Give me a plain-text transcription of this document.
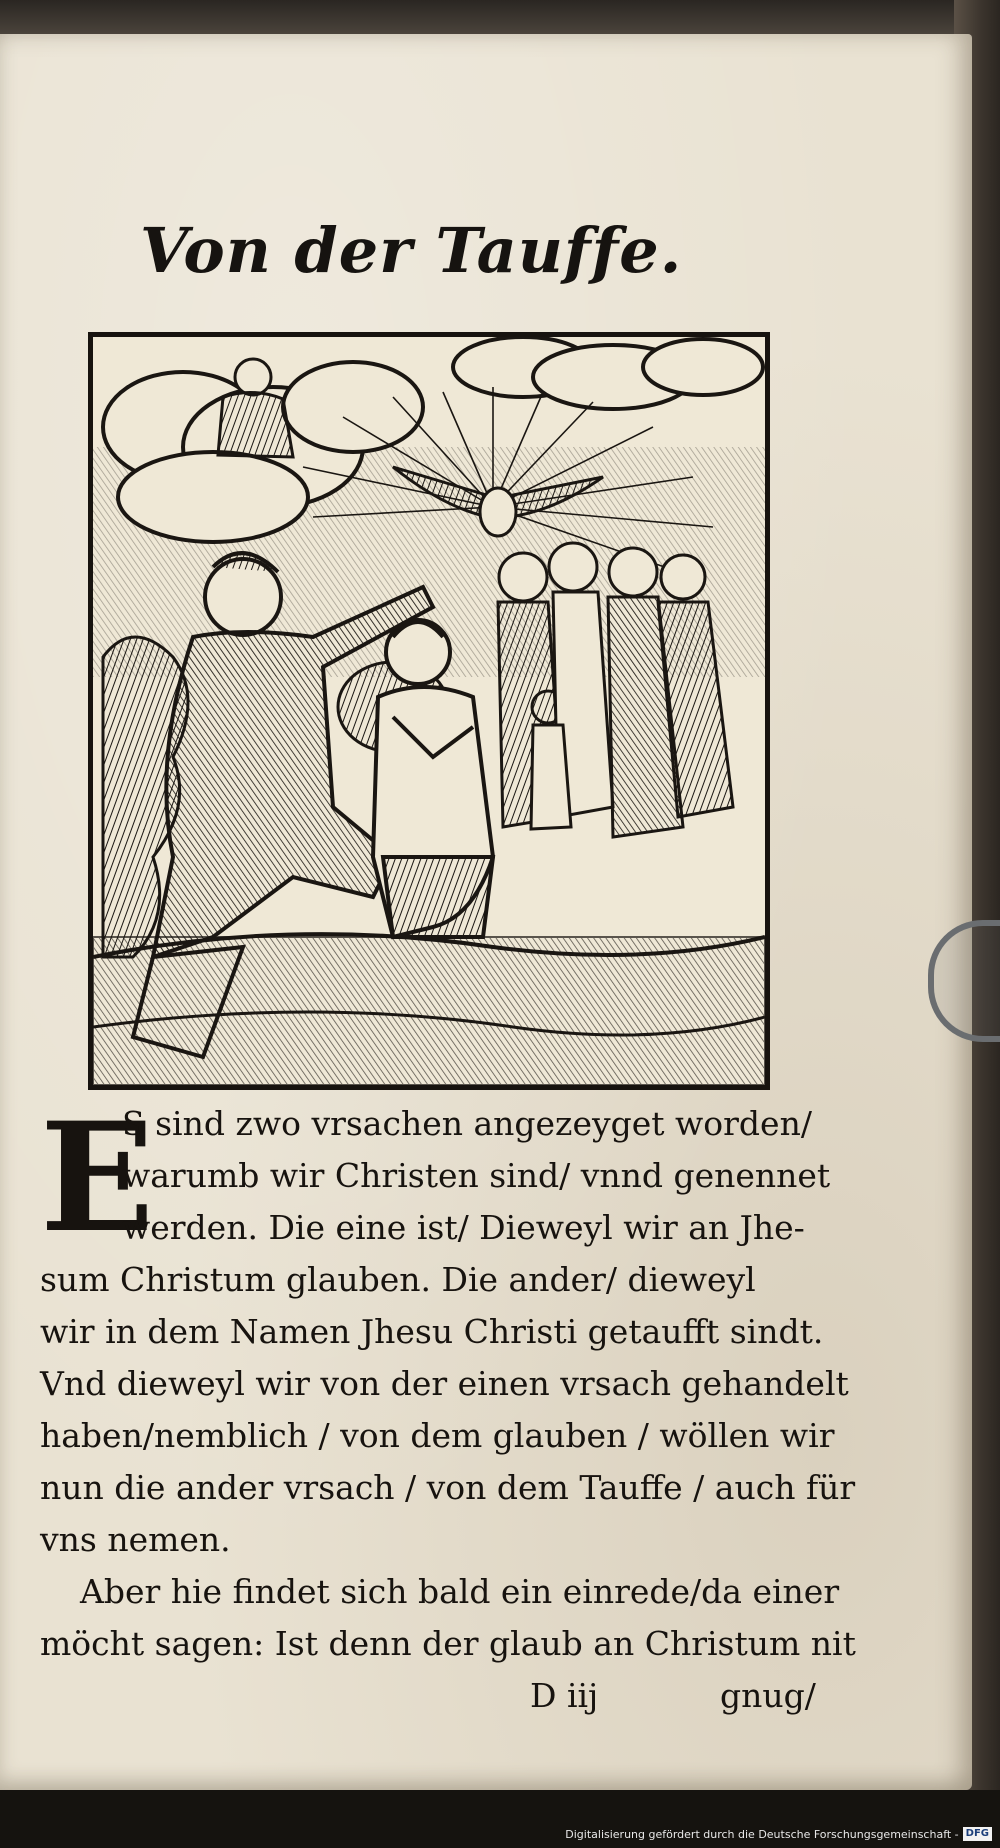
Von der Tauffe.
E
S sind zwo vrsachen angezeyget worden/
warumb wir Christen sind/ vnnd genennet
werden. Die eine ist/ Dieweyl wir an Jhe-
sum Christum glauben. Die ander/ dieweyl
wir in dem Namen Jhesu Christi getaufft sindt.
Vnd dieweyl wir von der einen vrsach gehandelt
haben/nemblich / von dem glauben / wöllen wir
nun die ander vrsach / von dem Tauffe / auch für
vns nemen.
Aber hie findet sich bald ein einrede/da einer
möcht sagen: Ist denn der glaub an Christum nit
D iij	gnug/
Digitalisierung gefördert durch die Deutsche Forschungsgemeinschaft - DFG
